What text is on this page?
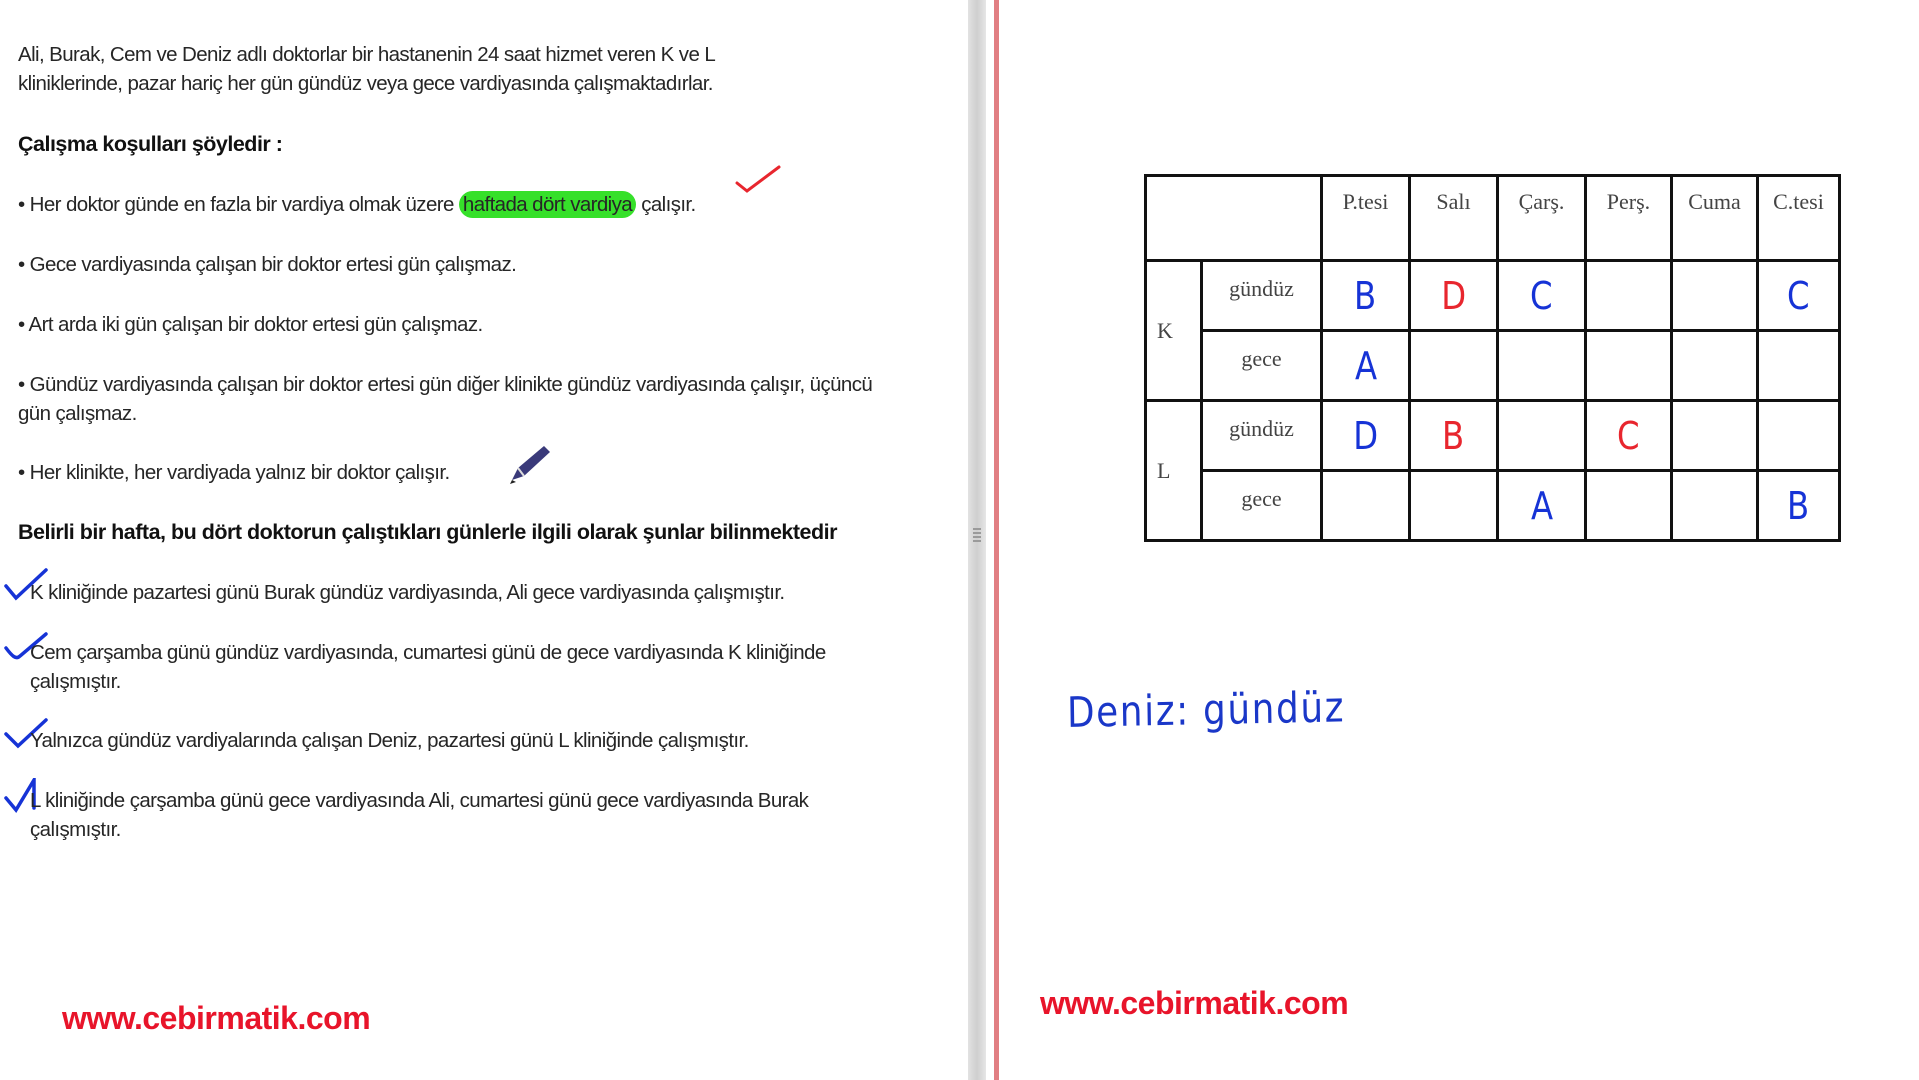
Ali, Burak, Cem ve Deniz adlı doktorlar bir hastanenin 24 saat hizmet veren K ve L kliniklerinde, pazar hariç her gün gündüz veya gece vardiyasında çalışmaktadırlar.
Çalışma koşulları şöyledir :
• Her doktor günde en fazla bir vardiya olmak üzere haftada dört vardiya çalışır.
• Gece vardiyasında çalışan bir doktor ertesi gün çalışmaz.
• Art arda iki gün çalışan bir doktor ertesi gün çalışmaz.
• Gündüz vardiyasında çalışan bir doktor ertesi gün diğer klinikte gündüz vardiyasında çalışır, üçüncü gün çalışmaz.
• Her klinikte, her vardiyada yalnız bir doktor çalışır.
Belirli bir hafta, bu dört doktorun çalıştıkları günlerle ilgili olarak şunlar bilinmektedir
K kliniğinde pazartesi günü Burak gündüz vardiyasında, Ali gece vardiyasında çalışmıştır.
Cem çarşamba günü gündüz vardiyasında, cumartesi günü de gece vardiyasında K kliniğinde çalışmıştır.
Yalnızca gündüz vardiyalarında çalışan Deniz, pazartesi günü L kliniğinde çalışmıştır.
L kliniğinde çarşamba günü gece vardiyasında Ali, cumartesi günü gece vardiyasında Burak çalışmıştır.
www.cebirmatik.com
		P.tesi	Salı	Çarş.	Perş.	Cuma	C.tesi
K	gündüz	B	D	C			C
	gece	A					
L	gündüz	D	B		C		
	gece			A			B
Deniz: gündüz
www.cebirmatik.com
